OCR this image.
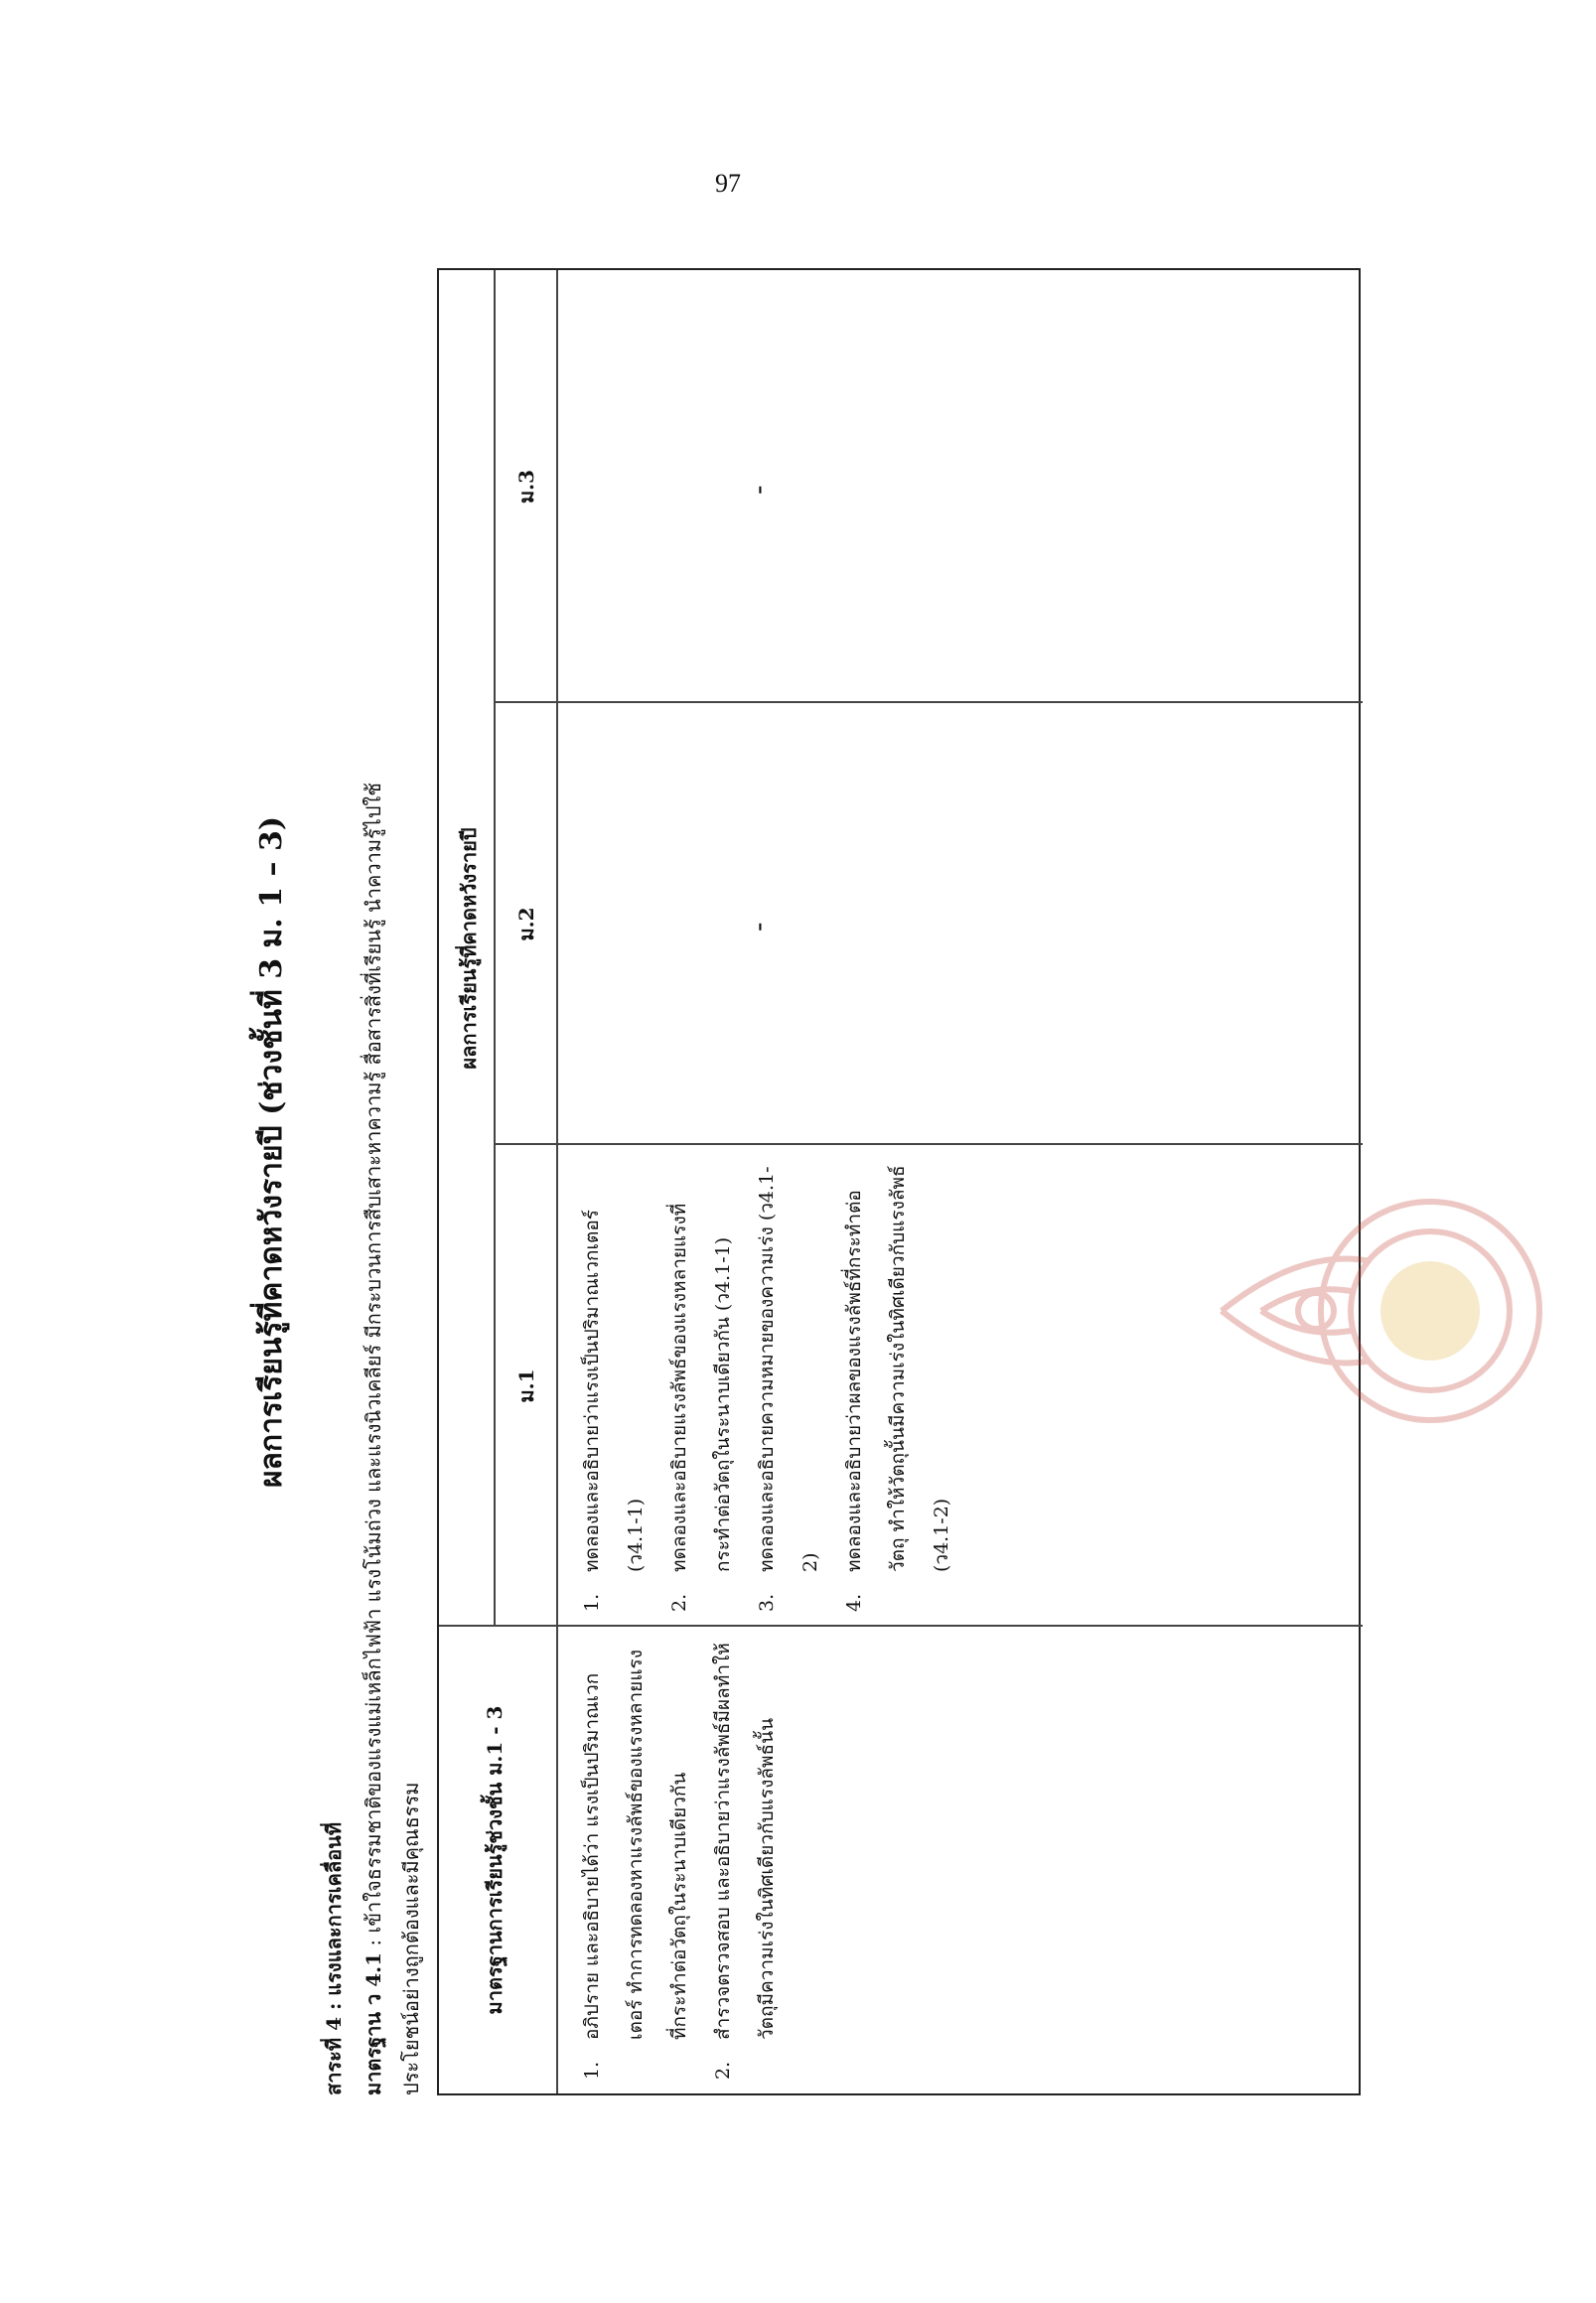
97
ผลการเรียนรู้ที่คาดหวังรายปี (ช่วงชั้นที่ 3 ม. 1 – 3)
สาระที่ 4 : แรงและการเคลื่อนที่ มาตรฐาน ว 4.1 : เข้าใจธรรมชาติของแรงแม่เหล็กไฟฟ้า แรงโน้มถ่วง และแรงนิวเคลียร์ มีกระบวนการสืบเสาะหาความรู้ สื่อสารสิ่งที่เรียนรู้ นำความรู้ไปใช้ ประโยชน์อย่างถูกต้องและมีคุณธรรม	มาตรฐานการเรียนรู้ช่วงชั้น ม.1 - 3
ผลการเรียนรู้ที่คาดหวังรายปี
ม.1
ม.2
ม.3
1.
อภิปราย และอธิบายได้ว่า แรงเป็นปริมาณเวกเตอร์ ทำการทดลองหาแรงลัพธ์ของแรงหลายแรงที่กระทำต่อวัตถุในระนาบเดียวกัน
2.
สำรวจตรวจสอบ และอธิบายว่าแรงลัพธ์มีผลทำให้วัตถุมีความเร่งในทิศเดียวกับแรงลัพธ์นั้น
1.
ทดลองและอธิบายว่าแรงเป็นปริมาณเวกเตอร์ (ว4.1-1)
2.
ทดลองและอธิบายแรงลัพธ์ของแรงหลายแรงที่กระทำต่อวัตถุในระนาบเดียวกัน (ว4.1-1)
3.
ทดลองและอธิบายความหมายของความเร่ง (ว4.1-2)
4.
ทดลองและอธิบายว่าผลของแรงลัพธ์ที่กระทำต่อวัตถุ ทำให้วัตถุนั้นมีความเร่งในทิศเดียวกับแรงลัพธ์ (ว4.1-2)
-
-
